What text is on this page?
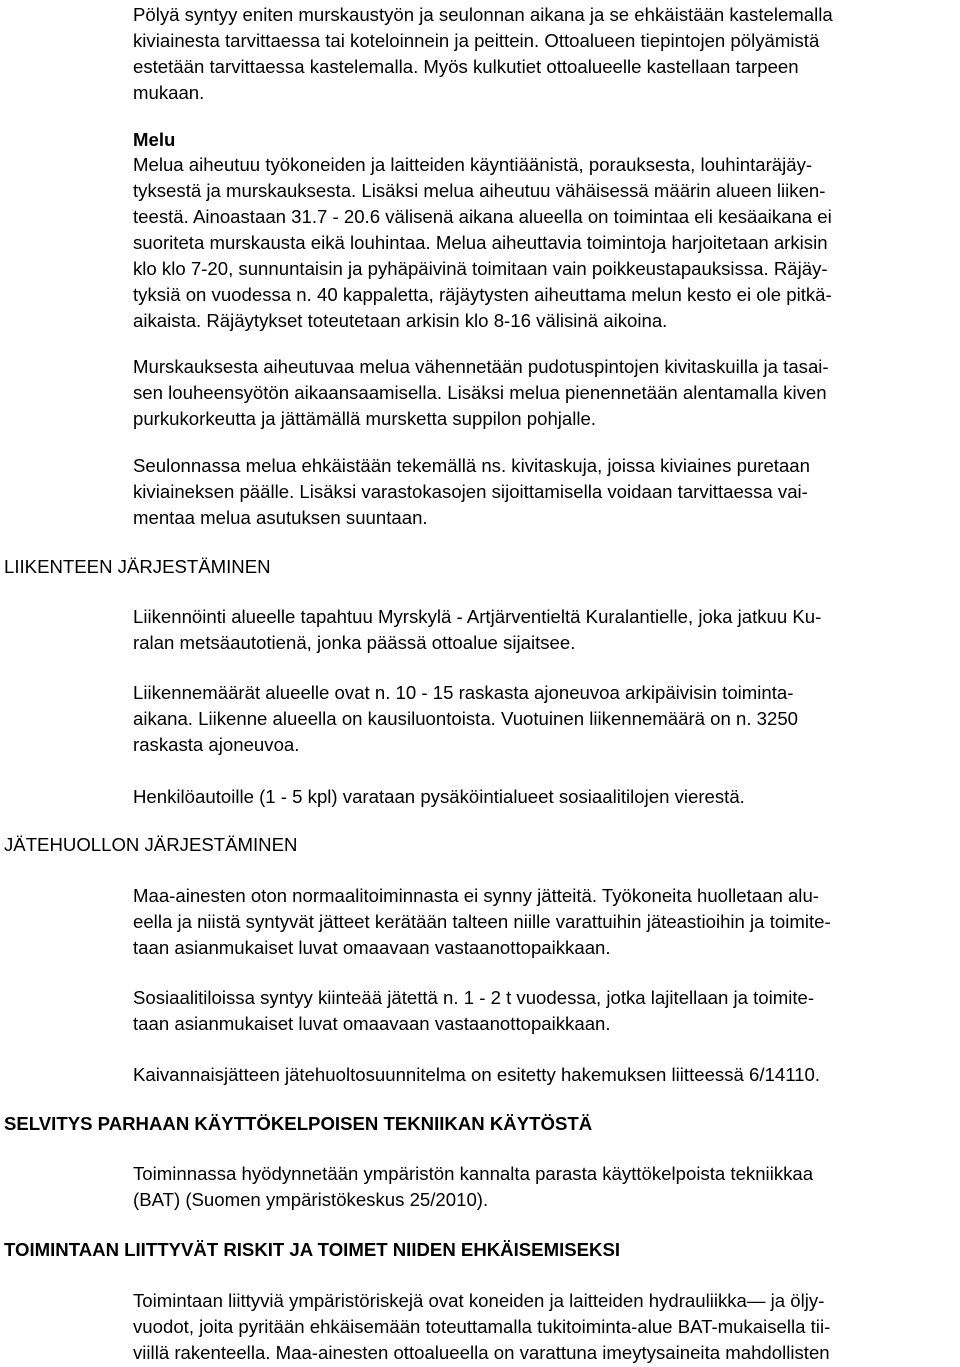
Pölyä syntyy eniten murskaustyön ja seulonnan aikana ja se ehkäistään kastelemalla
kiviainesta tarvittaessa tai koteloinnein ja peittein. Ottoalueen tiepintojen pölyämistä
estetään tarvittaessa kastelemalla. Myös kulkutiet ottoalueelle kastellaan tarpeen
mukaan.
Melu
Melua aiheutuu työkoneiden ja laitteiden käyntiäänistä, porauksesta, louhintaräjäy-
tyksestä ja murskauksesta. Lisäksi melua aiheutuu vähäisessä määrin alueen liiken-
teestä. Ainoastaan 31.7 - 20.6 välisenä aikana alueella on toimintaa eli kesäaikana ei
suoriteta murskausta eikä louhintaa. Melua aiheuttavia toimintoja harjoitetaan arkisin
klo klo 7-20, sunnuntaisin ja pyhäpäivinä toimitaan vain poikkeustapauksissa. Räjäy-
tyksiä on vuodessa n. 40 kappaletta, räjäytysten aiheuttama melun kesto ei ole pitkä-
aikaista. Räjäytykset toteutetaan arkisin klo 8-16 välisinä aikoina.
Murskauksesta aiheutuvaa melua vähennetään pudotuspintojen kivitaskuilla ja tasai-
sen louheensyötön aikaansaamisella. Lisäksi melua pienennetään alentamalla kiven
purkukorkeutta ja jättämällä mursketta suppilon pohjalle.
Seulonnassa melua ehkäistään tekemällä ns. kivitaskuja, joissa kiviaines puretaan
kiviaineksen päälle. Lisäksi varastokasojen sijoittamisella voidaan tarvittaessa vai-
mentaa melua asutuksen suuntaan.
LIIKENTEEN JÄRJESTÄMINEN
Liikennöinti alueelle tapahtuu Myrskylä - Artjärventieltä Kuralantielle, joka jatkuu Ku-
ralan metsäautotienä, jonka päässä ottoalue sijaitsee.
Liikennemäärät alueelle ovat n. 10 - 15 raskasta ajoneuvoa arkipäivisin toiminta-
aikana. Liikenne alueella on kausiluontoista. Vuotuinen liikennemäärä on n. 3250
raskasta ajoneuvoa.
Henkilöautoille (1 - 5 kpl) varataan pysäköintialueet sosiaalitilojen vierestä.
JÄTEHUOLLON JÄRJESTÄMINEN
Maa-ainesten oton normaalitoiminnasta ei synny jätteitä. Työkoneita huolletaan alu-
eella ja niistä syntyvät jätteet kerätään talteen niille varattuihin jäteastioihin ja toimite-
taan asianmukaiset luvat omaavaan vastaanottopaikkaan.
Sosiaalitiloissa syntyy kiinteää jätettä n. 1 - 2 t vuodessa, jotka lajitellaan ja toimite-
taan asianmukaiset luvat omaavaan vastaanottopaikkaan.
Kaivannaisjätteen jätehuoltosuunnitelma on esitetty hakemuksen liitteessä 6/14110.
SELVITYS PARHAAN KÄYTTÖKELPOISEN TEKNIIKAN KÄYTÖSTÄ
Toiminnassa hyödynnetään ympäristön kannalta parasta käyttökelpoista tekniikkaa
(BAT) (Suomen ympäristökeskus 25/2010).
TOIMINTAAN LIITTYVÄT RISKIT JA TOIMET NIIDEN EHKÄISEMISEKSI
Toimintaan liittyviä ympäristöriskejä ovat koneiden ja laitteiden hydrauliikka— ja öljy-
vuodot, joita pyritään ehkäisemään toteuttamalla tukitoiminta-alue BAT-mukaisella tii-
viillä rakenteella. Maa-ainesten ottoalueella on varattuna imeytysaineita mahdollisten
